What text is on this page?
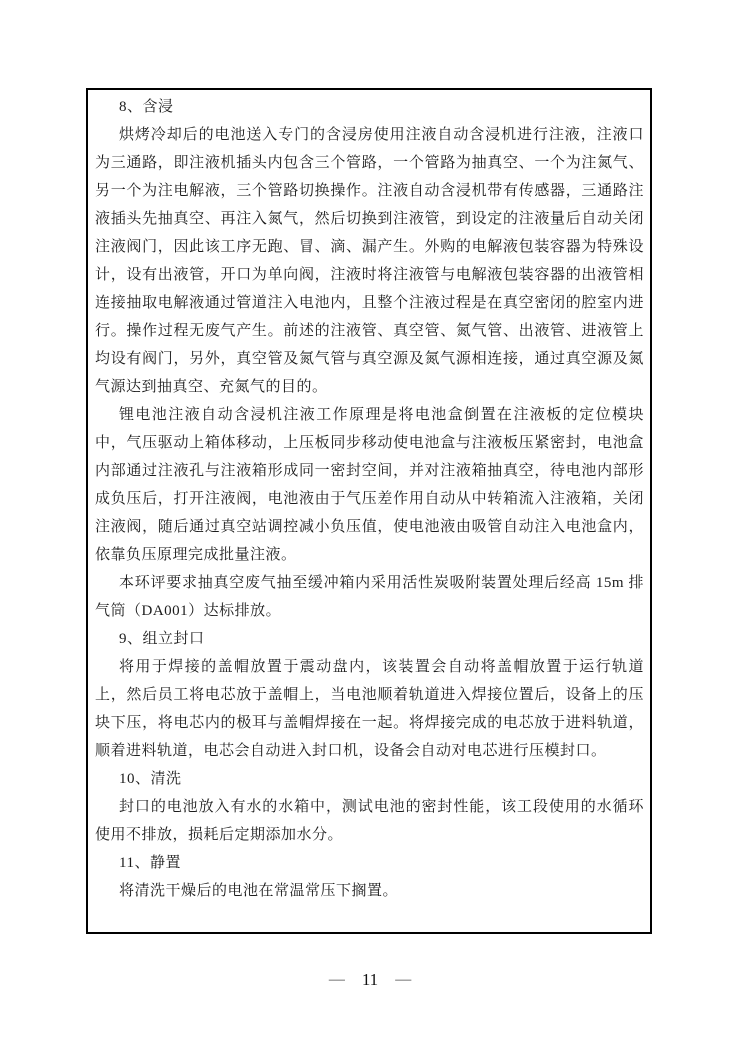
8、含浸
烘烤冷却后的电池送入专门的含浸房使用注液自动含浸机进行注液，注液口为三通路，即注液机插头内包含三个管路，一个管路为抽真空、一个为注氮气、另一个为注电解液，三个管路切换操作。注液自动含浸机带有传感器，三通路注液插头先抽真空、再注入氮气，然后切换到注液管，到设定的注液量后自动关闭注液阀门，因此该工序无跑、冒、滴、漏产生。外购的电解液包装容器为特殊设计，设有出液管，开口为单向阀，注液时将注液管与电解液包装容器的出液管相连接抽取电解液通过管道注入电池内，且整个注液过程是在真空密闭的腔室内进行。操作过程无废气产生。前述的注液管、真空管、氮气管、出液管、进液管上均设有阀门，另外，真空管及氮气管与真空源及氮气源相连接，通过真空源及氮气源达到抽真空、充氮气的目的。
锂电池注液自动含浸机注液工作原理是将电池盒倒置在注液板的定位模块中，气压驱动上箱体移动，上压板同步移动使电池盒与注液板压紧密封，电池盒内部通过注液孔与注液箱形成同一密封空间，并对注液箱抽真空，待电池内部形成负压后，打开注液阀，电池液由于气压差作用自动从中转箱流入注液箱，关闭注液阀，随后通过真空站调控减小负压值，使电池液由吸管自动注入电池盒内，依靠负压原理完成批量注液。
本环评要求抽真空废气抽至缓冲箱内采用活性炭吸附装置处理后经高 15m 排气筒（DA001）达标排放。
9、组立封口
将用于焊接的盖帽放置于震动盘内，该装置会自动将盖帽放置于运行轨道上，然后员工将电芯放于盖帽上，当电池顺着轨道进入焊接位置后，设备上的压块下压，将电芯内的极耳与盖帽焊接在一起。将焊接完成的电芯放于进料轨道，顺着进料轨道，电芯会自动进入封口机，设备会自动对电芯进行压模封口。
10、清洗
封口的电池放入有水的水箱中，测试电池的密封性能，该工段使用的水循环使用不排放，损耗后定期添加水分。
11、静置
将清洗干燥后的电池在常温常压下搁置。
— 11 —
